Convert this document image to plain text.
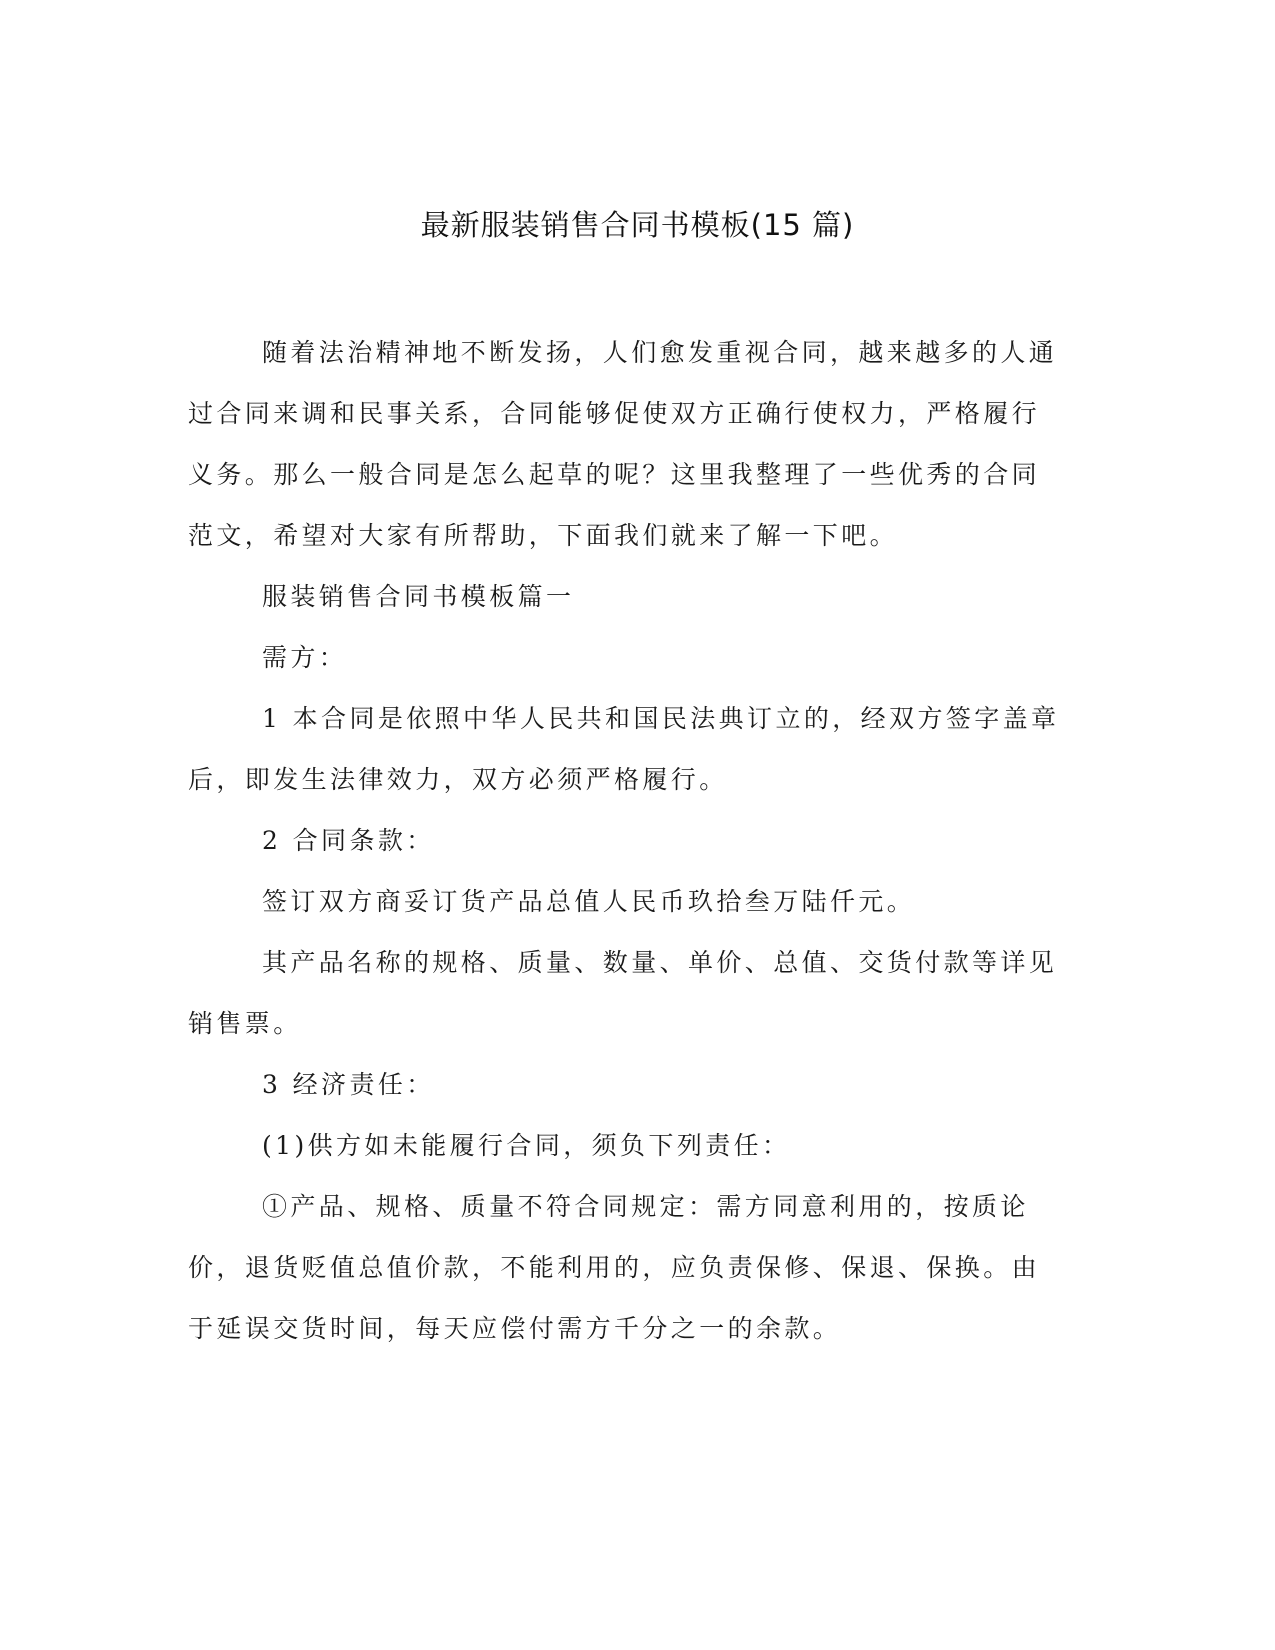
最新服装销售合同书模板(15 篇)

随着法治精神地不断发扬，人们愈发重视合同，越来越多的人通过合同来调和民事关系，合同能够促使双方正确行使权力，严格履行义务。那么一般合同是怎么起草的呢？这里我整理了一些优秀的合同范文，希望对大家有所帮助，下面我们就来了解一下吧。

服装销售合同书模板篇一

需方：

1 本合同是依照中华人民共和国民法典订立的，经双方签字盖章后，即发生法律效力，双方必须严格履行。

2 合同条款：

签订双方商妥订货产品总值人民币玖拾叁万陆仟元。

其产品名称的规格、质量、数量、单价、总值、交货付款等详见销售票。

3 经济责任：

(1)供方如未能履行合同，须负下列责任：

①产品、规格、质量不符合同规定：需方同意利用的，按质论价，退货贬值总值价款，不能利用的，应负责保修、保退、保换。由于延误交货时间，每天应偿付需方千分之一的余款。
